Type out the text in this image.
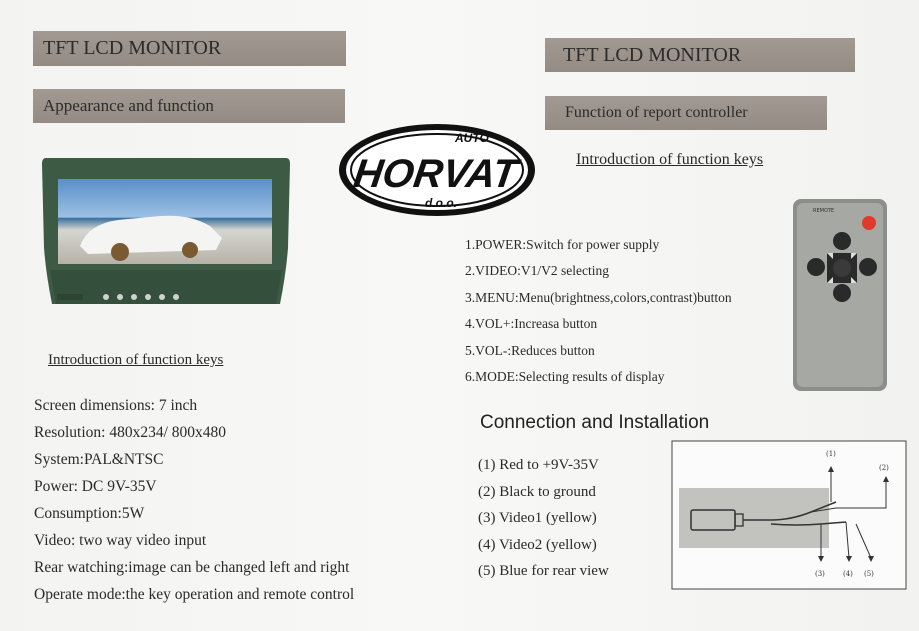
TFT LCD MONITOR
Appearance and function
Introduction of function keys
Screen dimensions: 7 inch
Resolution: 480x234/ 800x480
System:PAL&NTSC
Power: DC 9V-35V
Consumption:5W
Video: two way video input
Rear watching:image can be changed left and right
Operate mode:the key operation and remote control
AUTO
HORVAT
d.o.o.
TFT LCD MONITOR
Function of report controller
Introduction of function keys
1.POWER:Switch for power supply
2.VIDEO:V1/V2 selecting
3.MENU:Menu(brightness,colors,contrast)button
4.VOL+:Increasa button
5.VOL-:Reduces button
6.MODE:Selecting results of display
REMOTE
Connection and Installation
(1) Red to +9V-35V
(2) Black to ground
(3) Video1 (yellow)
(4) Video2 (yellow)
(5) Blue for rear view
(1)
(2)
(3)	(4) (5)
